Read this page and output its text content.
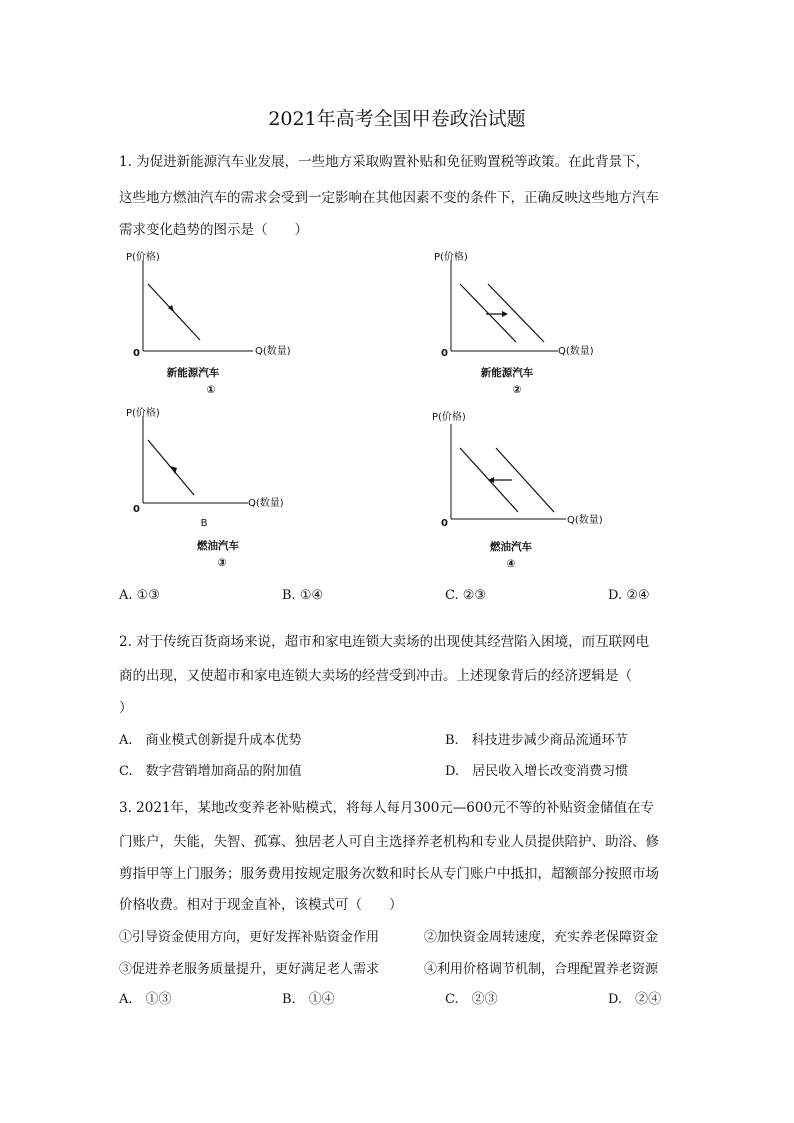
2021年高考全国甲卷政治试题
1. 为促进新能源汽车业发展，一些地方采取购置补贴和免征购置税等政策。在此背景下，
这些地方燃油汽车的需求会受到一定影响在其他因素不变的条件下，正确反映这些地方汽车
需求变化趋势的图示是（　　）
P(价格)
Q(数量)
0
新能源汽车
①
P(价格)
Q(数量)
0
新能源汽车
②
P(价格)
Q(数量)
0
B
燃油汽车
③
P(价格)
Q(数量)
0
燃油汽车
④
A. ①③	B. ①④	C. ②③	D. ②④
2. 对于传统百货商场来说，超市和家电连锁大卖场的出现使其经营陷入困境，而互联网电
商的出现，又使超市和家电连锁大卖场的经营受到冲击。上述现象背后的经济逻辑是（
）
A.　商业模式创新提升成本优势	B.　科技进步减少商品流通环节
C.　数字营销增加商品的附加值	D.　居民收入增长改变消费习惯
3. 2021年，某地改变养老补贴模式，将每人每月300元—600元不等的补贴资金储值在专
门账户，失能，失智、孤寡、独居老人可自主选择养老机构和专业人员提供陪护、助浴、修
剪指甲等上门服务；服务费用按规定服务次数和时长从专门账户中抵扣，超额部分按照市场
价格收费。相对于现金直补，该模式可（　　）
①引导资金使用方向，更好发挥补贴资金作用	②加快资金周转速度，充实养老保障资金
③促进养老服务质量提升，更好满足老人需求	④利用价格调节机制，合理配置养老资源
A.　①③	B.　①④	C.　②③	D.　②④
